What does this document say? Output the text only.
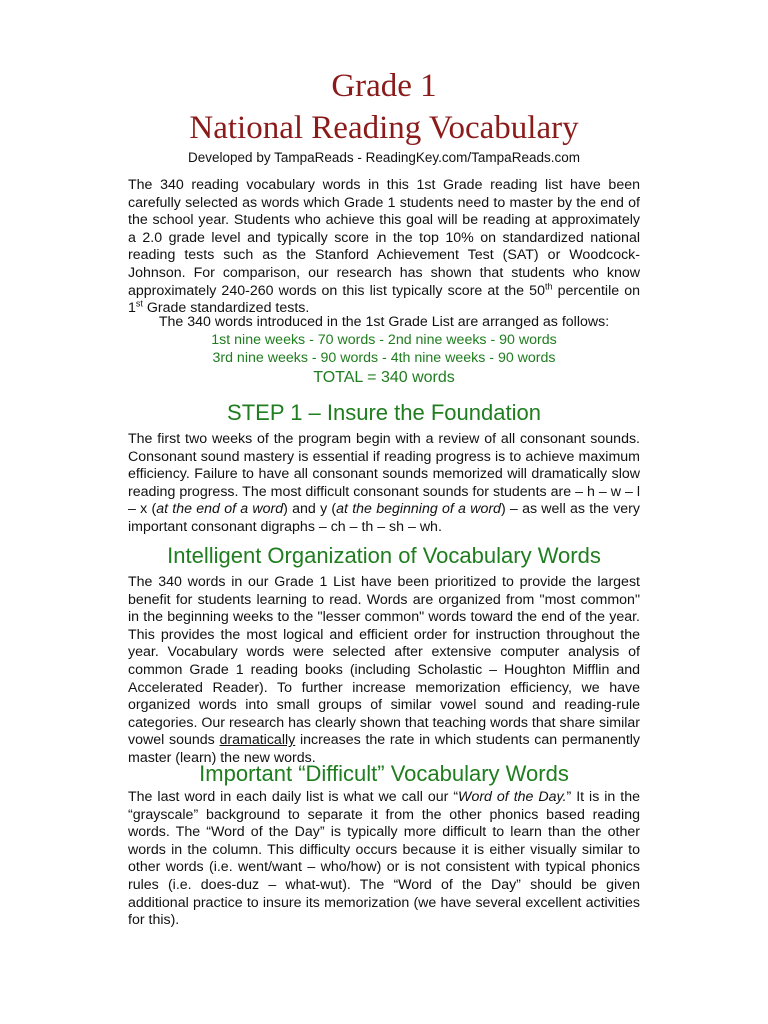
Grade 1
National Reading Vocabulary
Developed by TampaReads - ReadingKey.com/TampaReads.com
The 340 reading vocabulary words in this 1st Grade reading list have been carefully selected as words which Grade 1 students need to master by the end of the school year. Students who achieve this goal will be reading at approximately a 2.0 grade level and typically score in the top 10% on standardized national reading tests such as the Stanford Achievement Test (SAT) or Woodcock-Johnson. For comparison, our research has shown that students who know approximately 240-260 words on this list typically score at the 50th percentile on 1st Grade standardized tests.
The 340 words introduced in the 1st Grade List are arranged as follows:
1st nine weeks - 70 words - 2nd nine weeks - 90 words
3rd nine weeks - 90 words - 4th nine weeks - 90 words
TOTAL = 340 words
STEP 1 – Insure the Foundation
The first two weeks of the program begin with a review of all consonant sounds. Consonant sound mastery is essential if reading progress is to achieve maximum efficiency. Failure to have all consonant sounds memorized will dramatically slow reading progress. The most difficult consonant sounds for students are – h – w – l – x (at the end of a word) and y (at the beginning of a word) – as well as the very important consonant digraphs – ch – th – sh – wh.
Intelligent Organization of Vocabulary Words
The 340 words in our Grade 1 List have been prioritized to provide the largest benefit for students learning to read. Words are organized from "most common" in the beginning weeks to the "lesser common" words toward the end of the year. This provides the most logical and efficient order for instruction throughout the year. Vocabulary words were selected after extensive computer analysis of common Grade 1 reading books (including Scholastic – Houghton Mifflin and Accelerated Reader). To further increase memorization efficiency, we have organized words into small groups of similar vowel sound and reading-rule categories. Our research has clearly shown that teaching words that share similar vowel sounds dramatically increases the rate in which students can permanently master (learn) the new words.
Important “Difficult” Vocabulary Words
The last word in each daily list is what we call our “Word of the Day.” It is in the “grayscale” background to separate it from the other phonics based reading words. The “Word of the Day” is typically more difficult to learn than the other words in the column. This difficulty occurs because it is either visually similar to other words (i.e. went/want – who/how) or is not consistent with typical phonics rules (i.e. does-duz – what-wut). The “Word of the Day” should be given additional practice to insure its memorization (we have several excellent activities for this).
